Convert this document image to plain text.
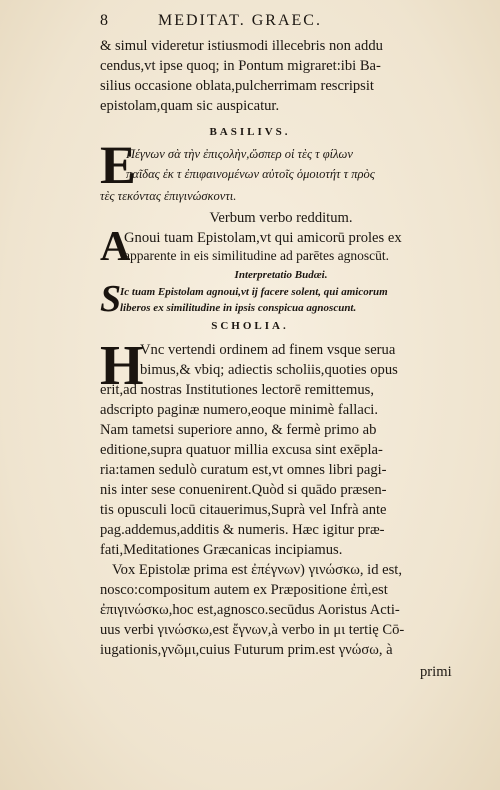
8	MEDITAT. GRAEC.
& simul videretur istiusmodi illecebris non addu
cendus,vt ipse quoq; in Pontum migraret:ibi Ba-
silius occasione oblata,pulcherrimam rescripsit
epistolam,quam sic auspicatur.
BASILIVS.
E
Πέγνων σὰ τὴν ἐπιςολὴν,ὥσπερ οἱ τὲς τ φίλων
παῖδας ἐκ τ ἐπιφαινομένων αὐτοῖς ὁμοιοτήτ τ πρὸς
τὲς τεκόντας ἐπιγινώσκοντι.
Verbum verbo redditum.
A
Gnoui tuam Epistolam,vt qui amicorū proles ex
apparente in eis similitudine ad parētes agnoscūt.
Interpretatio Budæi.
S
Ic tuam Epistolam agnoui,vt ij facere solent, qui amicorum
liberos ex similitudine in ipsis conspicua agnoscunt.
SCHOLIA.
H
Vnc vertendi ordinem ad finem vsque serua
bimus,& vbiq; adiectis scholiis,quoties opus
erit,ad nostras Institutiones lectorē remittemus,
adscripto paginæ numero,eoque minimè fallaci.
Nam tametsi superiore anno, & fermè primo ab
editione,supra quatuor millia excusa sint exēpla-
ria:tamen sedulò curatum est,vt omnes libri pagi-
nis inter sese conuenirent.Quòd si quādo præsen-
tis opusculi locū citauerimus,Suprà vel Infrà ante
pag.addemus,additis & numeris. Hæc igitur præ-
fati,Meditationes Græcanicas incipiamus.
Vox Epistolæ prima est ἐπέγνων) γινώσκω, id est,
nosco:compositum autem ex Præpositione ἐπὶ,est
ἐπιγινώσκω,hoc est,agnosco.secūdus Aoristus Acti-
uus verbi γινώσκω,est ἔγνων,à verbo in μι tertię Cō-
iugationis,γνῶμι,cuius Futurum prim.est γνώσω, à
primi
